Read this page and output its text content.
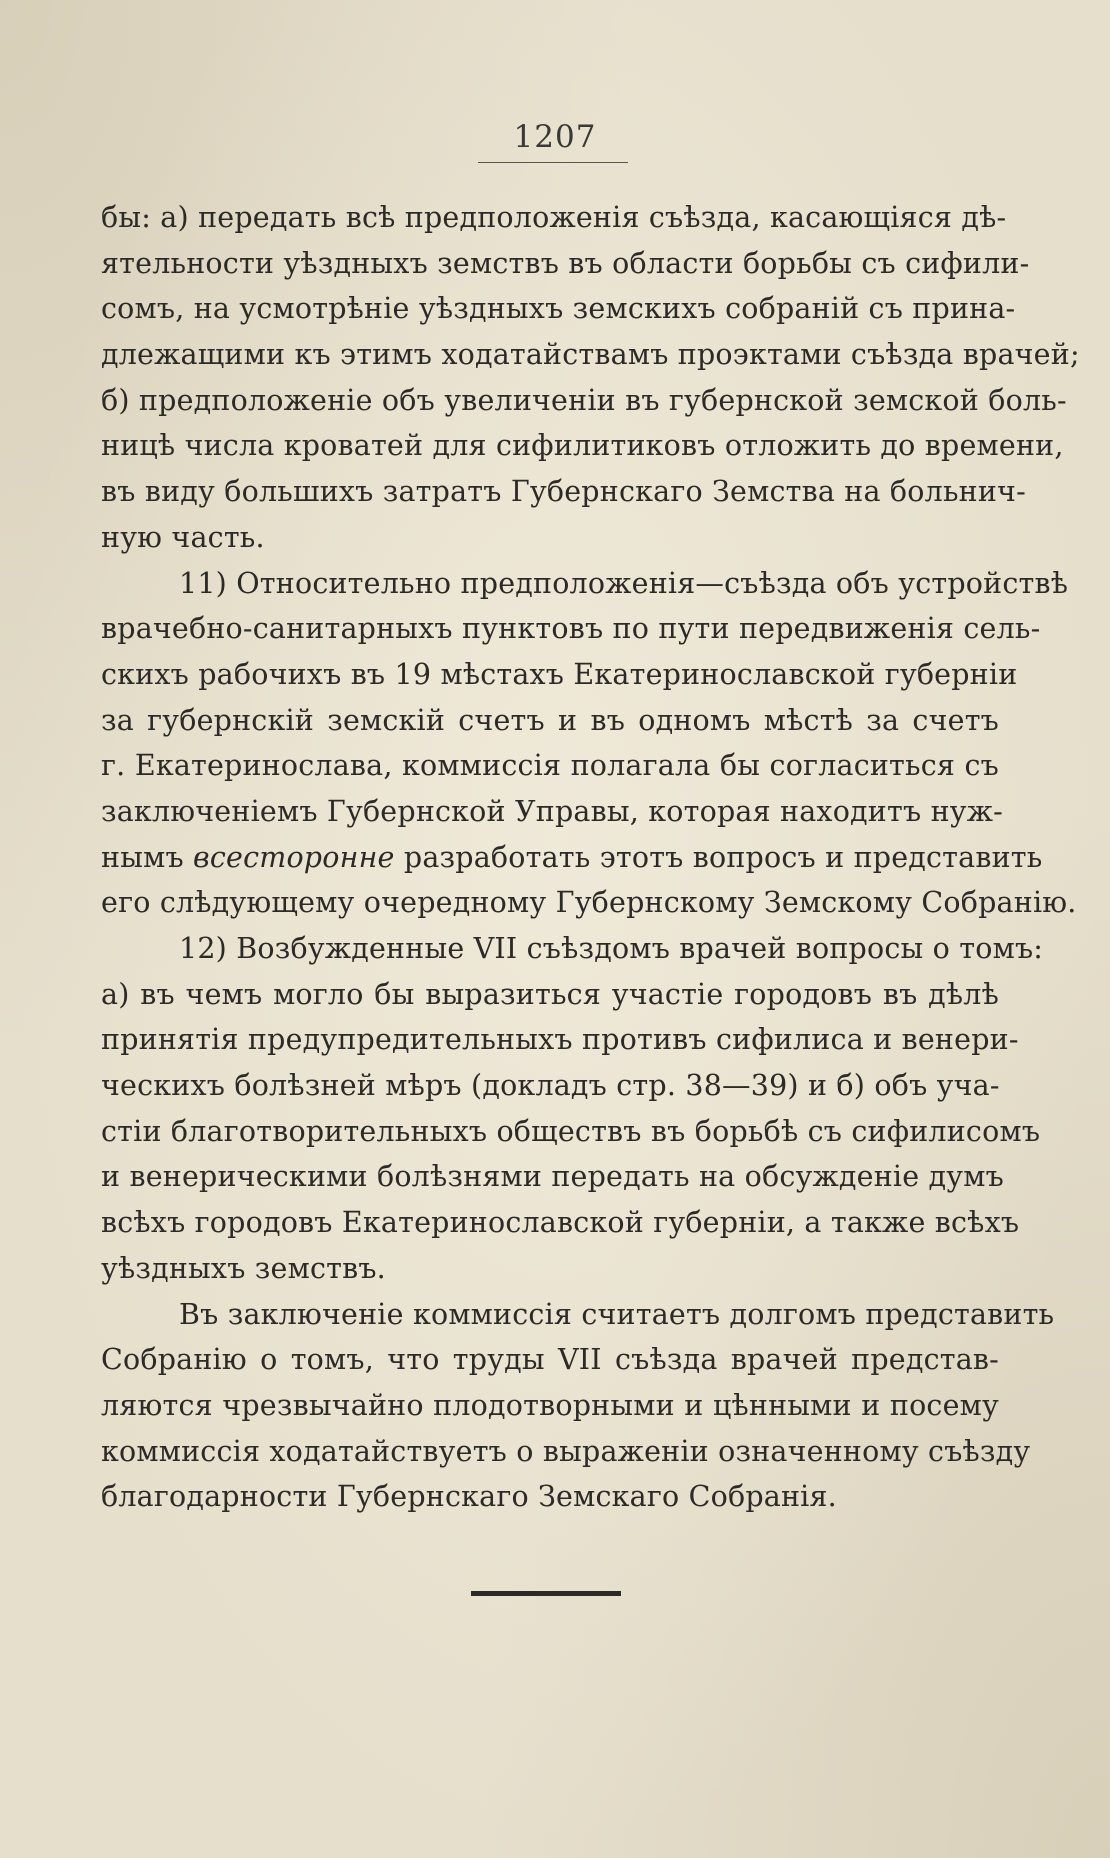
1207
бы: а) передать всѣ предположенія съѣзда, касающіяся дѣ-
ятельности уѣздныхъ земствъ въ области борьбы съ сифили-
сомъ, на усмотрѣніе уѣздныхъ земскихъ собраній съ прина-
длежащими къ этимъ ходатайствамъ проэктами съѣзда врачей;
б) предположеніе объ увеличеніи въ губернской земской боль-
ницѣ числа кроватей для сифилитиковъ отложить до времени,
въ виду большихъ затратъ Губернскаго Земства на больнич-
ную часть.
11) Относительно предположенія—съѣзда объ устройствѣ
врачебно-санитарныхъ пунктовъ по пути передвиженія сель-
скихъ рабочихъ въ 19 мѣстахъ Екатеринославской губерніи
за губернскій земскій счетъ и въ одномъ мѣстѣ за счетъ
г. Екатеринослава, коммиссія полагала бы согласиться съ
заключеніемъ Губернской Управы, которая находитъ нуж-
нымъ всесторонне разработать этотъ вопросъ и представить
его слѣдующему очередному Губернскому Земскому Собранію.
12) Возбужденные VII съѣздомъ врачей вопросы о томъ:
а) въ чемъ могло бы выразиться участіе городовъ въ дѣлѣ
принятія предупредительныхъ противъ сифилиса и венери-
ческихъ болѣзней мѣръ (докладъ стр. 38—39) и б) объ уча-
стіи благотворительныхъ обществъ въ борьбѣ съ сифилисомъ
и венерическими болѣзнями передать на обсужденіе думъ
всѣхъ городовъ Екатеринославской губерніи, а также всѣхъ
уѣздныхъ земствъ.
Въ заключеніе коммиссія считаетъ долгомъ представить
Собранію о томъ, что труды VII съѣзда врачей представ-
ляются чрезвычайно плодотворными и цѣнными и посему
коммиссія ходатайствуетъ о выраженіи означенному съѣзду
благодарности Губернскаго Земскаго Собранія.
